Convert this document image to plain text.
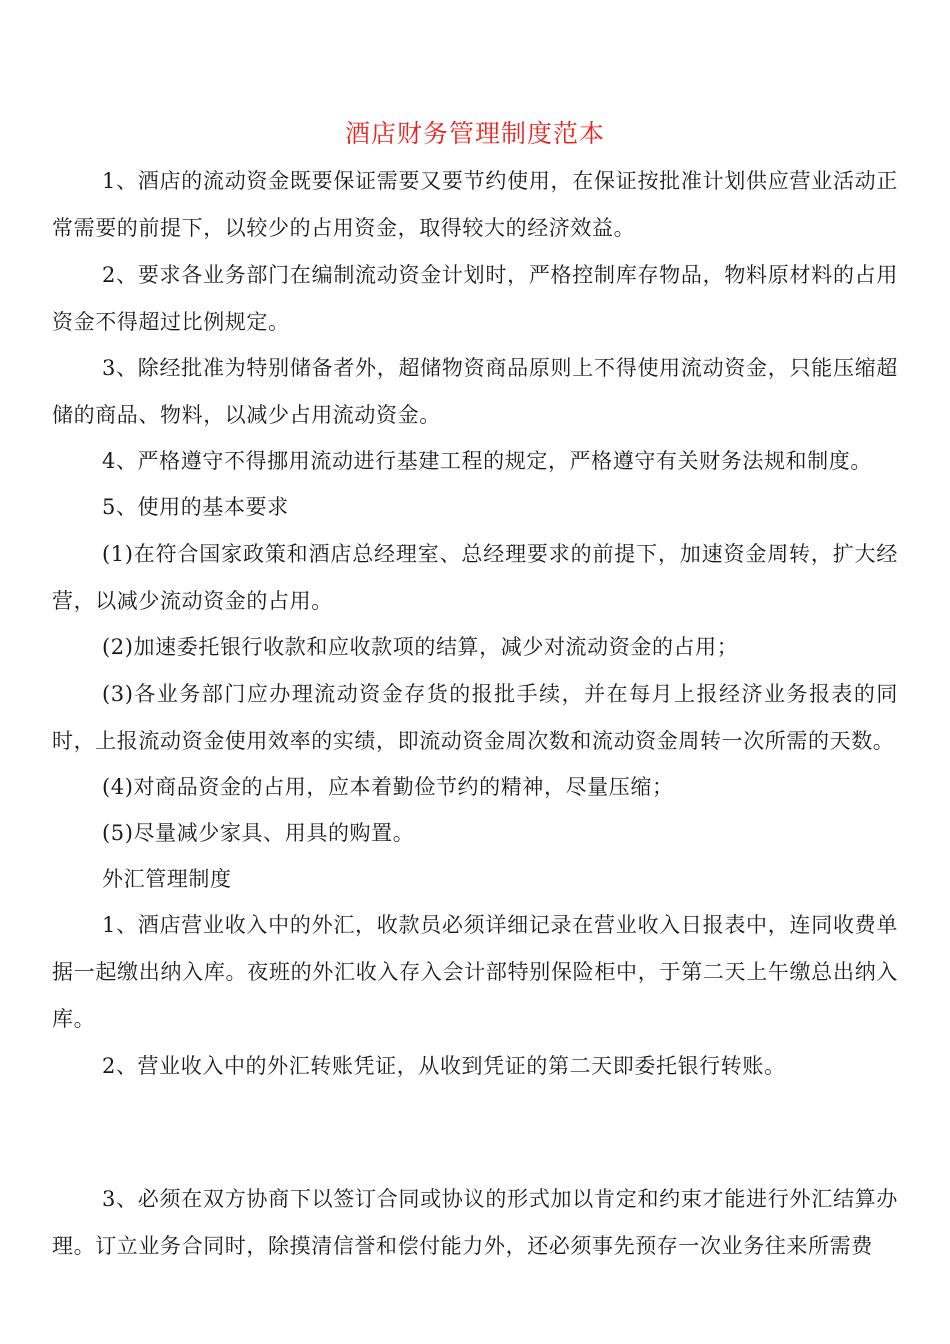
酒店财务管理制度范本
1、酒店的流动资金既要保证需要又要节约使用，在保证按批准计划供应营业活动正常需要的前提下，以较少的占用资金，取得较大的经济效益。
2、要求各业务部门在编制流动资金计划时，严格控制库存物品，物料原材料的占用资金不得超过比例规定。
3、除经批准为特别储备者外，超储物资商品原则上不得使用流动资金，只能压缩超储的商品、物料，以减少占用流动资金。
4、严格遵守不得挪用流动进行基建工程的规定，严格遵守有关财务法规和制度。
5、使用的基本要求
(1)在符合国家政策和酒店总经理室、总经理要求的前提下，加速资金周转，扩大经营，以减少流动资金的占用。
(2)加速委托银行收款和应收款项的结算，减少对流动资金的占用；
(3)各业务部门应办理流动资金存货的报批手续，并在每月上报经济业务报表的同时，上报流动资金使用效率的实绩，即流动资金周次数和流动资金周转一次所需的天数。
(4)对商品资金的占用，应本着勤俭节约的精神，尽量压缩；
(5)尽量减少家具、用具的购置。
外汇管理制度
1、酒店营业收入中的外汇，收款员必须详细记录在营业收入日报表中，连同收费单据一起缴出纳入库。夜班的外汇收入存入会计部特别保险柜中，于第二天上午缴总出纳入库。
2、营业收入中的外汇转账凭证，从收到凭证的第二天即委托银行转账。
3、必须在双方协商下以签订合同或协议的形式加以肯定和约束才能进行外汇结算办理。订立业务合同时，除摸清信誉和偿付能力外，还必须事先预存一次业务往来所需费
